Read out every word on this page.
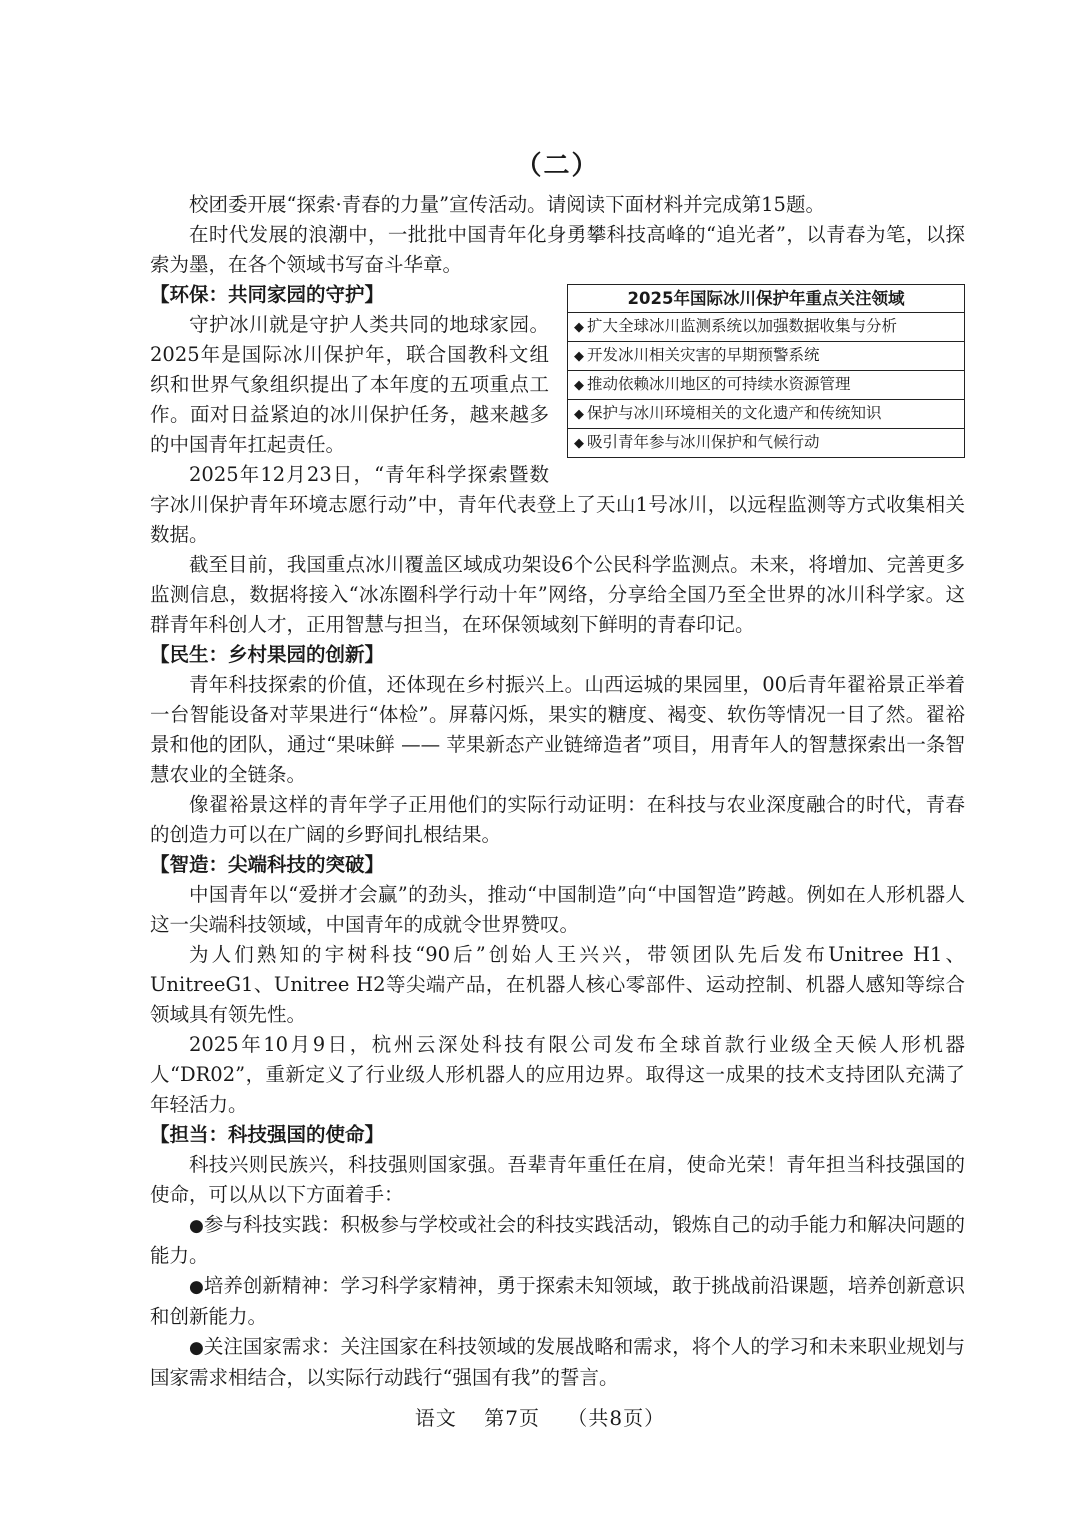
（二）

校团委开展“探索·青春的力量”宣传活动。请阅读下面材料并完成第15题。

在时代发展的浪潮中，一批批中国青年化身勇攀科技高峰的“追光者”，以青春为笔，以探索为墨，在各个领域书写奋斗华章。

【环保：共同家园的守护】	2025年国际冰川保护年重点关注领域
◆ 扩大全球冰川监测系统以加强数据收集与分析
◆ 开发冰川相关灾害的早期预警系统
◆ 推动依赖冰川地区的可持续水资源管理
◆ 保护与冰川环境相关的文化遗产和传统知识
◆ 吸引青年参与冰川保护和气候行动

守护冰川就是守护人类共同的地球家园。2025年是国际冰川保护年，联合国教科文组织和世界气象组织提出了本年度的五项重点工作。面对日益紧迫的冰川保护任务，越来越多的中国青年扛起责任。

2025年12月23日，“青年科学探索暨数字冰川保护青年环境志愿行动”中，青年代表登上了天山1号冰川，以远程监测等方式收集相关数据。

截至目前，我国重点冰川覆盖区域成功架设6个公民科学监测点。未来，将增加、完善更多监测信息，数据将接入“冰冻圈科学行动十年”网络，分享给全国乃至全世界的冰川科学家。这群青年科创人才，正用智慧与担当，在环保领域刻下鲜明的青春印记。

【民生：乡村果园的创新】

青年科技探索的价值，还体现在乡村振兴上。山西运城的果园里，00后青年翟裕景正举着一台智能设备对苹果进行“体检”。屏幕闪烁，果实的糖度、褐变、软伤等情况一目了然。翟裕景和他的团队，通过“果味鲜 —— 苹果新态产业链缔造者”项目，用青年人的智慧探索出一条智慧农业的全链条。

像翟裕景这样的青年学子正用他们的实际行动证明：在科技与农业深度融合的时代，青春的创造力可以在广阔的乡野间扎根结果。

【智造：尖端科技的突破】

中国青年以“爱拼才会赢”的劲头，推动“中国制造”向“中国智造”跨越。例如在人形机器人这一尖端科技领域，中国青年的成就令世界赞叹。

为人们熟知的宇树科技“90后”创始人王兴兴，带领团队先后发布Unitree H1、UnitreeG1、Unitree H2等尖端产品，在机器人核心零部件、运动控制、机器人感知等综合领域具有领先性。

2025年10月9日，杭州云深处科技有限公司发布全球首款行业级全天候人形机器人“DR02”，重新定义了行业级人形机器人的应用边界。取得这一成果的技术支持团队充满了年轻活力。

【担当：科技强国的使命】

科技兴则民族兴，科技强则国家强。吾辈青年重任在肩，使命光荣！青年担当科技强国的使命，可以从以下方面着手：

●参与科技实践：积极参与学校或社会的科技实践活动，锻炼自己的动手能力和解决问题的能力。

●培养创新精神：学习科学家精神，勇于探索未知领域，敢于挑战前沿课题，培养创新意识和创新能力。

●关注国家需求：关注国家在科技领域的发展战略和需求，将个人的学习和未来职业规划与国家需求相结合，以实际行动践行“强国有我”的誓言。

语文 第7页 （共8页）
